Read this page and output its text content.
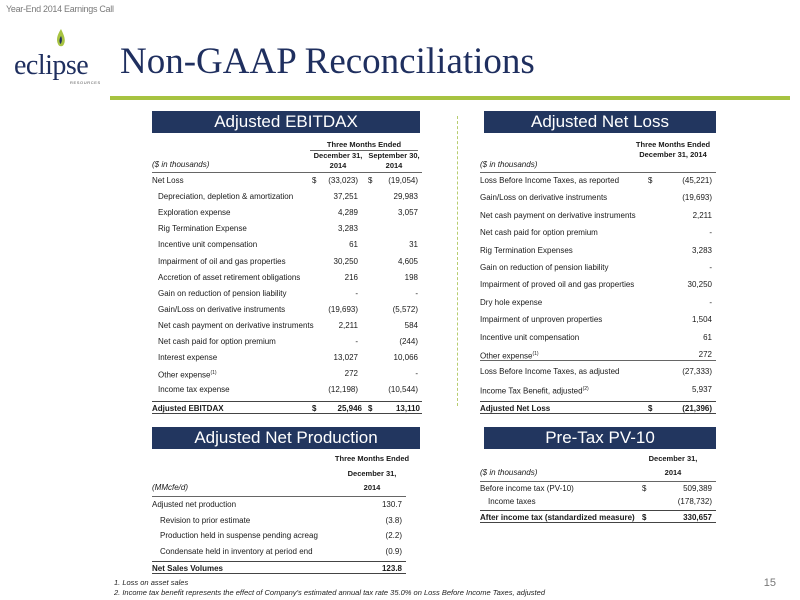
Year-End 2014 Earnings Call
eclipse
RESOURCES
Non-GAAP Reconciliations
Adjusted EBITDAX
Three Months Ended
December 31, 2014
September 30, 2014
($ in thousands)
Net Loss	$	(33,023) $	(19,054)
Depreciation, depletion & amortization	37,251	29,983
Exploration expense	4,289	3,057
Rig Termination Expense	3,283
Incentive unit compensation	61	31
Impairment of oil and gas properties	30,250	4,605
Accretion of asset retirement obligations	216	198
Gain on reduction of pension liability	-	-
Gain/Loss on derivative instruments	(19,693)	(5,572)
Net cash payment on derivative instruments	2,211	584
Net cash paid for option premium	-	(244)
Interest expense	13,027	10,066
Other expense$^{(1)}$	272	-
Income tax expense	(12,198)	(10,544)
Adjusted EBITDAX	$	25,946 $	13,110
Adjusted Net Loss
Three Months Ended
December 31, 2014
($ in thousands)
Loss Before Income Taxes, as reported	$	(45,221)
Gain/Loss on derivative instruments	(19,693)
Net cash payment on derivative instruments	2,211
Net cash paid for option premium	-
Rig Termination Expenses	3,283
Gain on reduction of pension liability	-
Impairment of proved oil and gas properties	30,250
Dry hole expense	-
Impairment of unproven properties	1,504
Incentive unit compensation	61
Other expense$^{(1)}$	272
Loss Before Income Taxes, as adjusted	(27,333)
Income Tax Benefit, adjusted$^{(2)}$	5,937
Adjusted Net Loss	$	(21,396)
Adjusted Net Production
Three Months Ended
December 31,
2014
(MMcfe/d)
Adjusted net production	130.7
Revision to prior estimate	(3.8)
Production held in suspense pending acreag	(2.2)
Condensate held in inventory at period end	(0.9)
Net Sales Volumes	123.8
Pre-Tax PV-10
December 31,
2014
($ in thousands)
Before income tax (PV-10)	$	509,389
Income taxes	(178,732)
After income tax (standardized measure) $	330,657
1. Loss on asset sales
2. Income tax benefit represents the effect of Company's estimated annual tax rate 35.0% on Loss Before Income Taxes, adjusted
15
